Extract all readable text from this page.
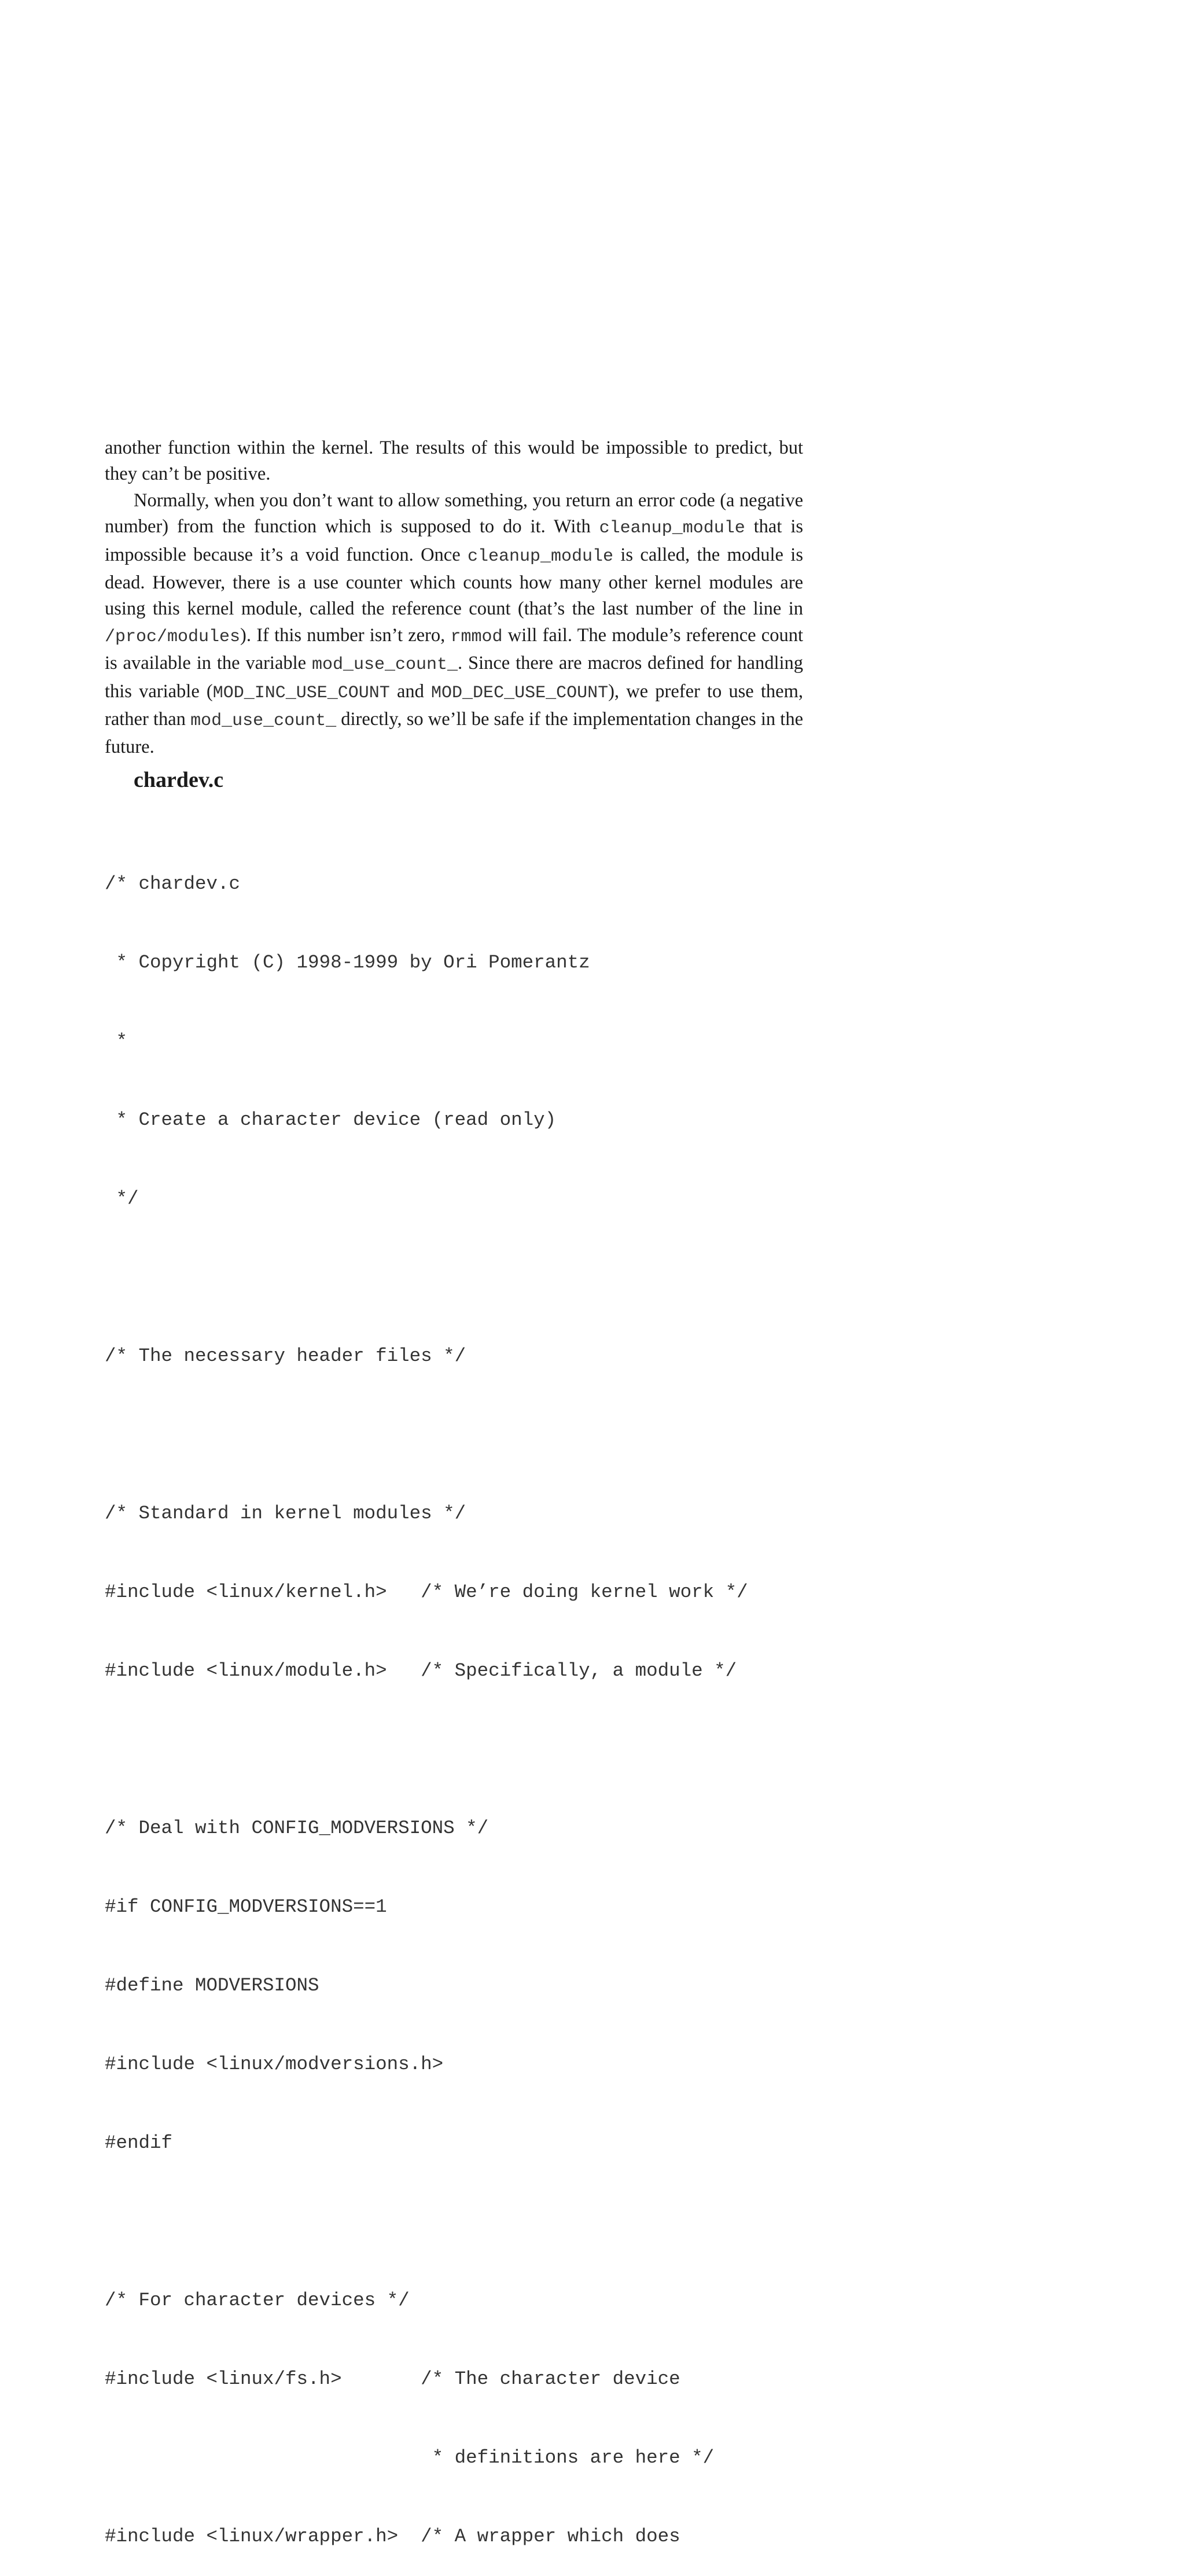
another function within the kernel. The results of this would be impossible to predict, but they can’t be positive.

Normally, when you don’t want to allow something, you return an error code (a negative number) from the function which is supposed to do it. With cleanup_module that is impossible because it’s a void function. Once cleanup_module is called, the module is dead. However, there is a use counter which counts how many other kernel modules are using this kernel module, called the reference count (that’s the last number of the line in /proc/modules). If this number isn’t zero, rmmod will fail. The module’s reference count is available in the variable mod_use_count_. Since there are macros defined for handling this variable (MOD_INC_USE_COUNT and MOD_DEC_USE_COUNT), we prefer to use them, rather than mod_use_count_ directly, so we’ll be safe if the implementation changes in the future.

chardev.c

/* chardev.c

* Copyright (C) 1998-1999 by Ori Pomerantz

*

* Create a character device (read only)

*/

/* The necessary header files */

/* Standard in kernel modules */

#include <linux/kernel.h>   /* We’re doing kernel work */

#include <linux/module.h>   /* Specifically, a module */

/* Deal with CONFIG_MODVERSIONS */

#if CONFIG_MODVERSIONS==1

#define MODVERSIONS

#include <linux/modversions.h>

#endif

/* For character devices */

#include <linux/fs.h>       /* The character device

* definitions are here */

#include <linux/wrapper.h>  /* A wrapper which does
